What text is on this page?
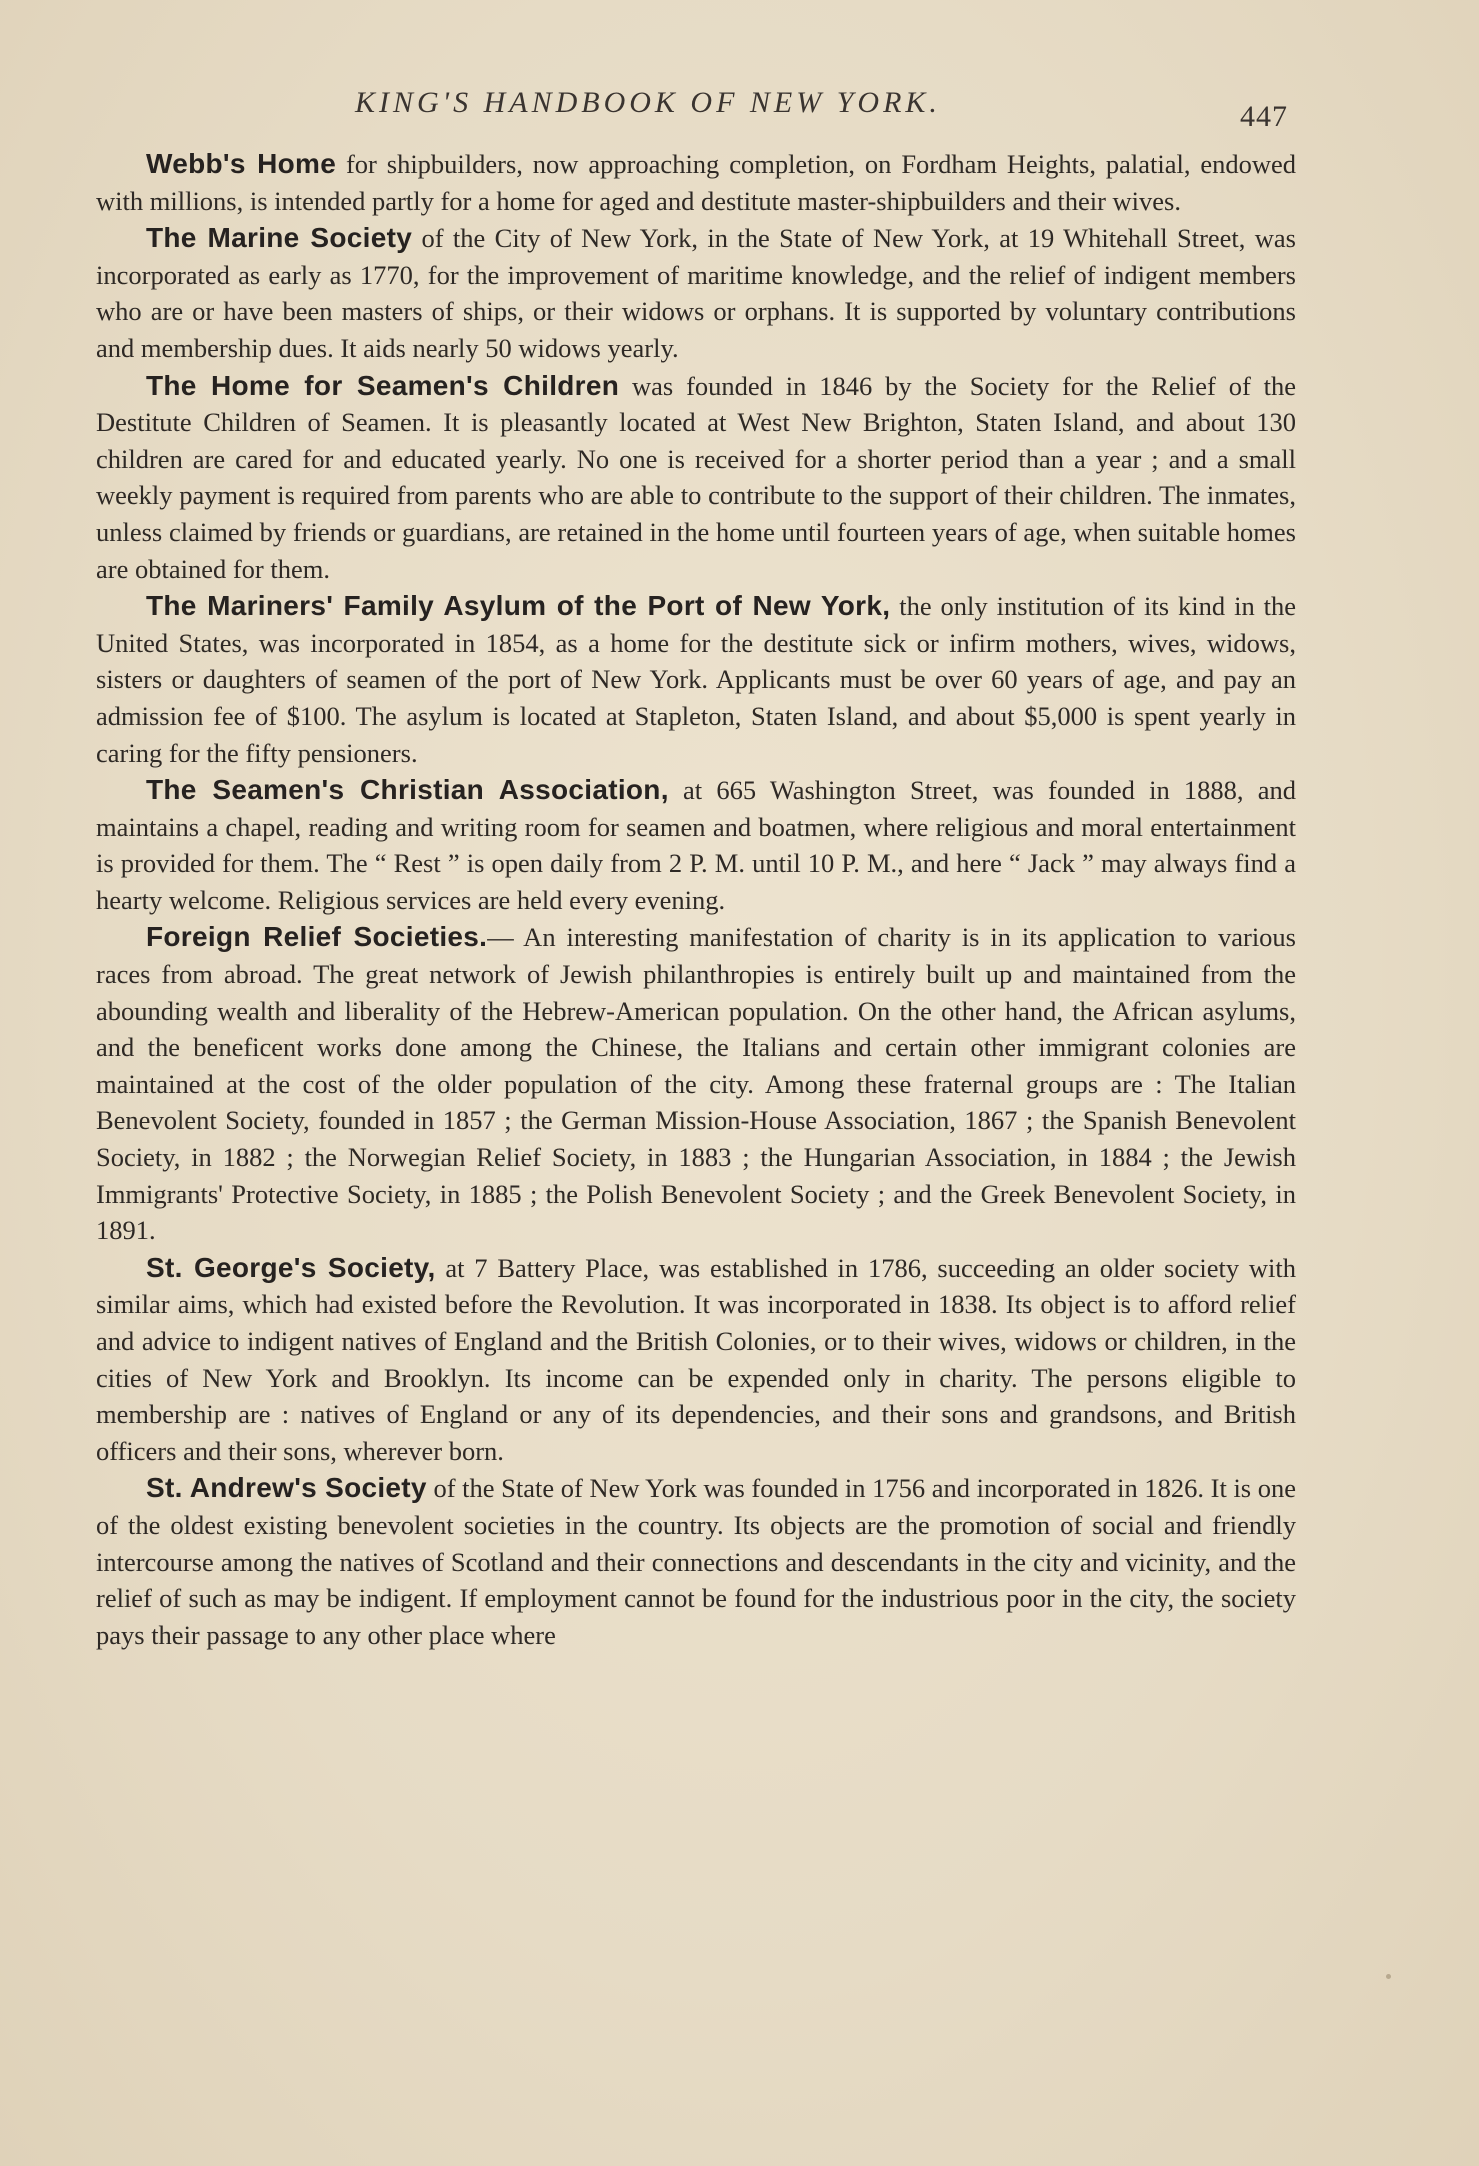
KING'S HANDBOOK OF NEW YORK.	447

Webb's Home for shipbuilders, now approaching completion, on Fordham Heights, palatial, endowed with millions, is intended partly for a home for aged and destitute master-shipbuilders and their wives.

The Marine Society of the City of New York, in the State of New York, at 19 Whitehall Street, was incorporated as early as 1770, for the improvement of maritime knowledge, and the relief of indigent members who are or have been masters of ships, or their widows or orphans. It is supported by voluntary contributions and membership dues. It aids nearly 50 widows yearly.

The Home for Seamen's Children was founded in 1846 by the Society for the Relief of the Destitute Children of Seamen. It is pleasantly located at West New Brighton, Staten Island, and about 130 children are cared for and educated yearly. No one is received for a shorter period than a year ; and a small weekly payment is required from parents who are able to contribute to the support of their children. The inmates, unless claimed by friends or guardians, are retained in the home until fourteen years of age, when suitable homes are obtained for them.

The Mariners' Family Asylum of the Port of New York, the only institution of its kind in the United States, was incorporated in 1854, as a home for the destitute sick or infirm mothers, wives, widows, sisters or daughters of seamen of the port of New York. Applicants must be over 60 years of age, and pay an admission fee of $100. The asylum is located at Stapleton, Staten Island, and about $5,000 is spent yearly in caring for the fifty pensioners.

The Seamen's Christian Association, at 665 Washington Street, was founded in 1888, and maintains a chapel, reading and writing room for seamen and boatmen, where religious and moral entertainment is provided for them. The “ Rest ” is open daily from 2 P. M. until 10 P. M., and here “ Jack ” may always find a hearty welcome. Religious services are held every evening.

Foreign Relief Societies.— An interesting manifestation of charity is in its application to various races from abroad. The great network of Jewish philanthropies is entirely built up and maintained from the abounding wealth and liberality of the Hebrew-American population. On the other hand, the African asylums, and the beneficent works done among the Chinese, the Italians and certain other immigrant colonies are maintained at the cost of the older population of the city. Among these fraternal groups are : The Italian Benevolent Society, founded in 1857 ; the German Mission-House Association, 1867 ; the Spanish Benevolent Society, in 1882 ; the Norwegian Relief Society, in 1883 ; the Hungarian Association, in 1884 ; the Jewish Immigrants' Protective Society, in 1885 ; the Polish Benevolent Society ; and the Greek Benevolent Society, in 1891.

St. George's Society, at 7 Battery Place, was established in 1786, succeeding an older society with similar aims, which had existed before the Revolution. It was incorporated in 1838. Its object is to afford relief and advice to indigent natives of England and the British Colonies, or to their wives, widows or children, in the cities of New York and Brooklyn. Its income can be expended only in charity. The persons eligible to membership are : natives of England or any of its dependencies, and their sons and grandsons, and British officers and their sons, wherever born.

St. Andrew's Society of the State of New York was founded in 1756 and incorporated in 1826. It is one of the oldest existing benevolent societies in the country. Its objects are the promotion of social and friendly intercourse among the natives of Scotland and their connections and descendants in the city and vicinity, and the relief of such as may be indigent. If employment cannot be found for the industrious poor in the city, the society pays their passage to any other place where
